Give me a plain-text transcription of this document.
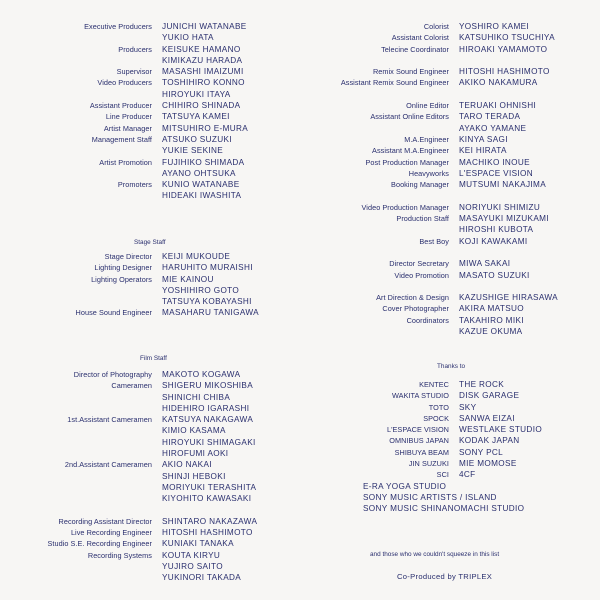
Executive Producers	JUNICHI WATANABE
YUKIO HATA
Producers	KEISUKE HAMANO
KIMIKAZU HARADA
Supervisor	MASASHI IMAIZUMI
Video Producers	TOSHIHIRO KONNO
HIROYUKI ITAYA
Assistant Producer	CHIHIRO SHINADA
Line Producer	TATSUYA KAMEI
Artist Manager	MITSUHIRO E-MURA
Management Staff	ATSUKO SUZUKI
YUKIE SEKINE
Artist Promotion	FUJIHIKO SHIMADA
AYANO OHTSUKA
Promoters	KUNIO WATANABE
HIDEAKI IWASHITA
Stage Staff
Stage Director	KEIJI MUKOUDE
Lighting Designer	HARUHITO MURAISHI
Lighting Operators	MIE KAINOU
YOSHIHIRO GOTO
TATSUYA KOBAYASHI
House Sound Engineer	MASAHARU TANIGAWA
Film Staff
Director of Photography	MAKOTO KOGAWA
Cameramen	SHIGERU MIKOSHIBA
SHINICHI CHIBA
HIDEHIRO IGARASHI
1st.Assistant Cameramen	KATSUYA NAKAGAWA
KIMIO KASAMA
HIROYUKI SHIMAGAKI
HIROFUMI AOKI
2nd.Assistant Cameramen	AKIO NAKAI
SHINJI HEBOKI
MORIYUKI TERASHITA
KIYOHITO KAWASAKI
Recording Assistant Director	SHINTARO NAKAZAWA
Live Recording Engineer	HITOSHI HASHIMOTO
Studio S.E. Recording Engineer	KUNIAKI TANAKA
Recording Systems	KOUTA KIRYU
YUJIRO SAITO
YUKINORI TAKADA
Colorist	YOSHIRO KAMEI
Assistant Colorist	KATSUHIKO TSUCHIYA
Telecine Coordinator	HIROAKI YAMAMOTO
Remix Sound Engineer	HITOSHI HASHIMOTO
Assistant Remix Sound Engineer	AKIKO NAKAMURA
Online Editor	TERUAKI OHNISHI
Assistant Online Editors	TARO TERADA
AYAKO YAMANE
M.A.Engineer	KINYA SAGI
Assistant M.A.Engineer	KEI HIRATA
Post Production Manager	MACHIKO INOUE
Heavyworks	L'ESPACE VISION
Booking Manager	MUTSUMI NAKAJIMA
Video Production Manager	NORIYUKI SHIMIZU
Production Staff	MASAYUKI MIZUKAMI
HIROSHI KUBOTA
Best Boy	KOJI KAWAKAMI
Director Secretary	MIWA SAKAI
Video Promotion	MASATO SUZUKI
Art Direction & Design	KAZUSHIGE HIRASAWA
Cover Photographer	AKIRA MATSUO
Coordinators	TAKAHIRO MIKI
KAZUE OKUMA
Thanks to
KENTEC	THE ROCK
WAKITA STUDIO	DISK GARAGE
TOTO	SKY
SPOCK	SANWA EIZAI
L'ESPACE VISION	WESTLAKE STUDIO
OMNIBUS JAPAN	KODAK JAPAN
SHIBUYA BEAM	SONY PCL
JIN SUZUKI	MIE MOMOSE
SCI	4CF
E-RA YOGA STUDIO
SONY MUSIC ARTISTS / ISLAND
SONY MUSIC SHINANOMACHI STUDIO
and those who we couldn't squeeze in this list
Co-Produced by TRIPLEX
